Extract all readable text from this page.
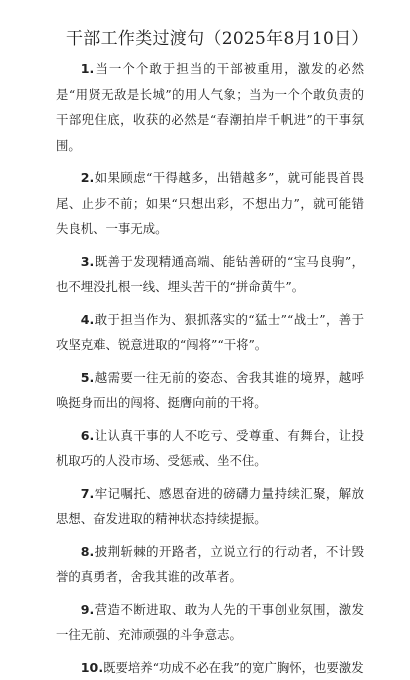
干部工作类过渡句（2025年8月10日）
1.当一个个敢于担当的干部被重用，激发的必然是“用贤无敌是长城”的用人气象；当为一个个敢负责的干部兜住底，收获的必然是“春潮拍岸千帆进”的干事氛围。
2.如果顾虑“干得越多，出错越多”，就可能畏首畏尾、止步不前；如果“只想出彩，不想出力”，就可能错失良机、一事无成。
3.既善于发现精通高端、能钻善研的“宝马良驹”，也不埋没扎根一线、埋头苦干的“拼命黄牛”。
4.敢于担当作为、狠抓落实的“猛士”“战士”，善于攻坚克难、锐意进取的“闯将”“干将”。
5.越需要一往无前的姿态、舍我其谁的境界，越呼唤挺身而出的闯将、挺膺向前的干将。
6.让认真干事的人不吃亏、受尊重、有舞台，让投机取巧的人没市场、受惩戒、坐不住。
7.牢记嘱托、感恩奋进的磅礴力量持续汇聚，解放思想、奋发进取的精神状态持续提振。
8.披荆斩棘的开路者，立说立行的行动者，不计毁誉的真勇者，舍我其谁的改革者。
9.营造不断进取、敢为人先的干事创业氛围，激发一往无前、充沛顽强的斗争意志。
10.既要培养“功成不必在我”的宽广胸怀，也要激发
